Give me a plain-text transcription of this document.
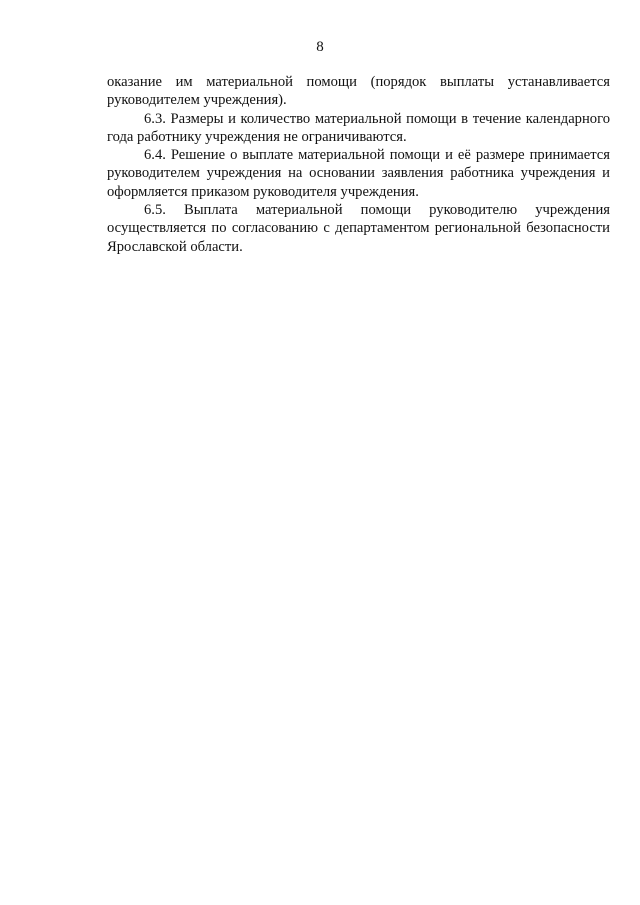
8

оказание им материальной помощи (порядок выплаты устанавливается руководителем учреждения).

6.3. Размеры и количество материальной помощи в течение календарного года работнику учреждения не ограничиваются.

6.4. Решение о выплате материальной помощи и её размере принимается руководителем учреждения на основании заявления работника учреждения и оформляется приказом руководителя учреждения.

6.5. Выплата материальной помощи руководителю учреждения осуществляется по согласованию с департаментом региональной безопасности Ярославской области.
